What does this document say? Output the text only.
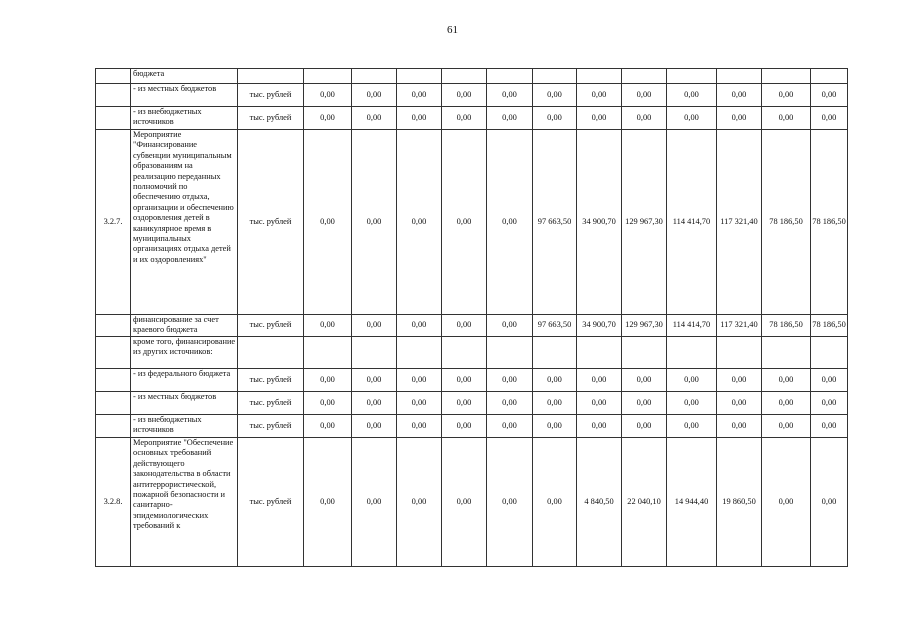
61
	бюджета													
	- из местных бюджетов	тыс. рублей	0,00	0,00	0,00	0,00	0,00	0,00	0,00	0,00	0,00	0,00	0,00	0,00
	- из внебюджетных источников	тыс. рублей	0,00	0,00	0,00	0,00	0,00	0,00	0,00	0,00	0,00	0,00	0,00	0,00
3.2.7.	Мероприятие "Финансирование субвенции муниципальным образованиям на реализацию переданных полномочий по обеспечению отдыха, организации и обеспечению оздоровления детей в каникулярное время в муниципальных организациях отдыха детей и их оздоровлениях"	тыс. рублей	0,00	0,00	0,00	0,00	0,00	97 663,50	34 900,70	129 967,30	114 414,70	117 321,40	78 186,50	78 186,50
	финансирование за счет краевого бюджета	тыс. рублей	0,00	0,00	0,00	0,00	0,00	97 663,50	34 900,70	129 967,30	114 414,70	117 321,40	78 186,50	78 186,50
	кроме того, финансирование из других источников:													
	- из федерального бюджета	тыс. рублей	0,00	0,00	0,00	0,00	0,00	0,00	0,00	0,00	0,00	0,00	0,00	0,00
	- из местных бюджетов	тыс. рублей	0,00	0,00	0,00	0,00	0,00	0,00	0,00	0,00	0,00	0,00	0,00	0,00
	- из внебюджетных источников	тыс. рублей	0,00	0,00	0,00	0,00	0,00	0,00	0,00	0,00	0,00	0,00	0,00	0,00
3.2.8.	Мероприятие "Обеспечение основных требований действующего законодательства в области антитеррористической, пожарной безопасности и санитарно-эпидемиологических требований к	тыс. рублей	0,00	0,00	0,00	0,00	0,00	0,00	4 840,50	22 040,10	14 944,40	19 860,50	0,00	0,00
